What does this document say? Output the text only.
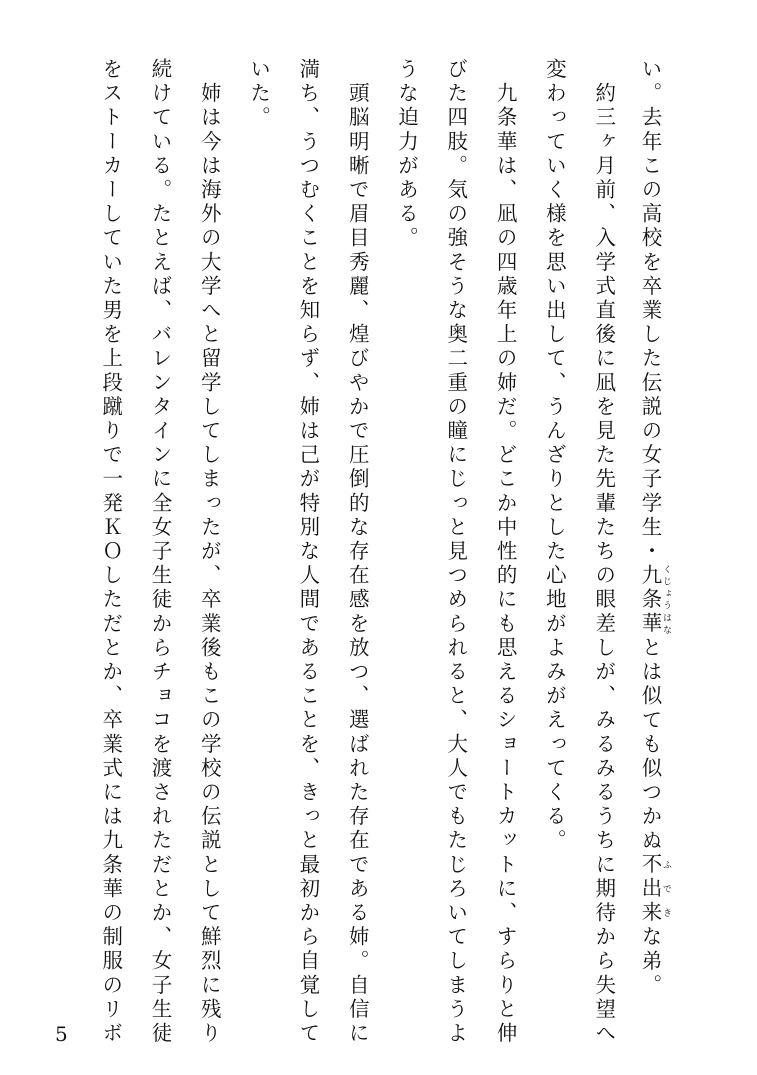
い。去年この高校を卒業した伝説の女子学生・九条華 くじょうはなとは似ても似つかぬ不出来 ふできな弟。
　約三ヶ月前、入学式直後に凪を見た先輩たちの眼差しが、みるみるうちに期待から失望へ
変わっていく様を思い出して、うんざりとした心地がよみがえってくる。
　九条華は、凪の四歳年上の姉だ。どこか中性的にも思えるショートカットに、すらりと伸
びた四肢。気の強そうな奥二重の瞳にじっと見つめられると、大人でもたじろいてしまうよ
うな迫力がある。
　頭脳明晰で眉目秀麗、煌びやかで圧倒的な存在感を放つ、選ばれた存在である姉。自信に
満ち、うつむくことを知らず、姉は己が特別な人間であることを、きっと最初から自覚して
いた。
　姉は今は海外の大学へと留学してしまったが、卒業後もこの学校の伝説として鮮烈に残り
続けている。たとえば、バレンタインに全女子生徒からチョコを渡されただとか、女子生徒
をストーカーしていた男を上段蹴りで一発ＫＯしただとか、卒業式には九条華の制服のリボ
5
